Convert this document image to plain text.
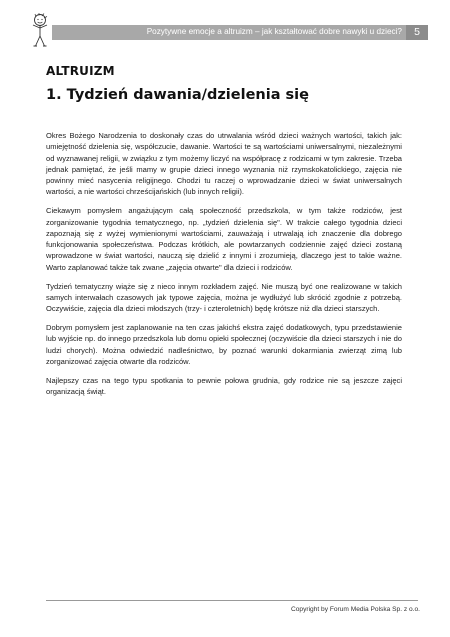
Pozytywne emocje a altruizm – jak kształtować dobre nawyki u dzieci?	5
ALTRUIZM
1. Tydzień dawania/dzielenia się

Okres Bożego Narodzenia to doskonały czas do utrwalania wśród dzieci ważnych wartości, takich jak: umiejętność dzielenia się, współczucie, dawanie. Wartości te są wartościami uniwersalnymi, niezależnymi od wyznawanej religii, w związku z tym możemy liczyć na współpracę z rodzicami w tym zakresie. Trzeba jednak pamiętać, że jeśli mamy w grupie dzieci innego wyznania niż rzymskokatolickiego, zajęcia nie powinny mieć nasycenia religijnego. Chodzi tu raczej o wprowadzanie dzieci w świat uniwersalnych wartości, a nie wartości chrześcijańskich (lub innych religii).

Ciekawym pomysłem angażującym całą społeczność przedszkola, w tym także rodziców, jest zorganizowanie tygodnia tematycznego, np. „tydzień dzielenia się". W trakcie całego tygodnia dzieci zapoznają się z wyżej wymienionymi wartościami, zauważają i utrwalają ich znaczenie dla dobrego funkcjonowania społeczeństwa. Podczas krótkich, ale powtarzanych codziennie zajęć dzieci zostaną wprowadzone w świat wartości, nauczą się dzielić z innymi i zrozumieją, dlaczego jest to takie ważne. Warto zaplanować także tak zwane „zajęcia otwarte" dla dzieci i rodziców.

Tydzień tematyczny wiąże się z nieco innym rozkładem zajęć. Nie muszą być one realizowane w takich samych interwałach czasowych jak typowe zajęcia, można je wydłużyć lub skrócić zgodnie z potrzebą. Oczywiście, zajęcia dla dzieci młodszych (trzy- i czteroletnich) będę krótsze niż dla dzieci starszych.

Dobrym pomysłem jest zaplanowanie na ten czas jakichś ekstra zajęć dodatkowych, typu przedstawienie lub wyjście np. do innego przedszkola lub domu opieki społecznej (oczywiście dla dzieci starszych i nie do ludzi chorych). Można odwiedzić nadleśnictwo, by poznać warunki dokarmiania zwierząt zimą lub zorganizować zajęcia otwarte dla rodziców.

Najlepszy czas na tego typu spotkania to pewnie połowa grudnia, gdy rodzice nie są jeszcze zajęci organizacją świąt.

Copyright by Forum Media Polska Sp. z o.o.
